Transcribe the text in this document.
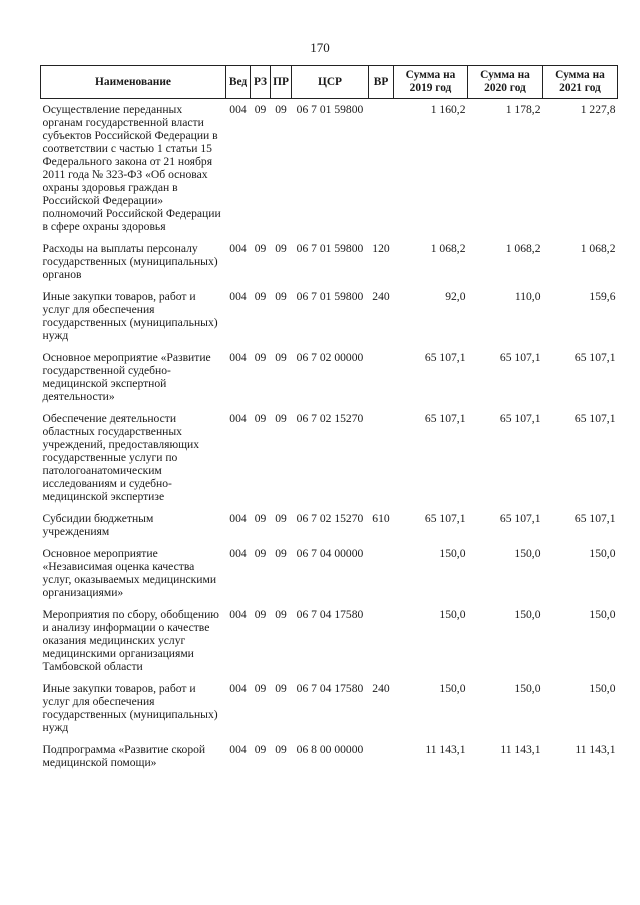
170
Наименование	Вед	РЗ	ПР	ЦСР	ВР	Сумма на 2019 год	Сумма на 2020 год	Сумма на 2021 год
Осуществление переданных органам государственной власти субъектов Российской Федерации в соответствии с частью 1 статьи 15 Федерального закона от 21 ноября 2011 года № 323-ФЗ «Об основах охраны здоровья граждан в Российской Федерации» полномочий Российской Федерации в сфере охраны здоровья	004	09	09	06 7 01 59800		1 160,2	1 178,2	1 227,8
Расходы на выплаты персоналу государственных (муниципальных) органов	004	09	09	06 7 01 59800	120	1 068,2	1 068,2	1 068,2
Иные закупки товаров, работ и услуг для обеспечения государственных (муниципальных) нужд	004	09	09	06 7 01 59800	240	92,0	110,0	159,6
Основное мероприятие «Развитие государственной судебно-медицинской экспертной деятельности»	004	09	09	06 7 02 00000		65 107,1	65 107,1	65 107,1
Обеспечение деятельности областных государственных учреждений, предоставляющих государственные услуги по патологоанатомическим исследованиям и судебно-медицинской экспертизе	004	09	09	06 7 02 15270		65 107,1	65 107,1	65 107,1
Субсидии бюджетным учреждениям	004	09	09	06 7 02 15270	610	65 107,1	65 107,1	65 107,1
Основное мероприятие «Независимая оценка качества услуг, оказываемых медицинскими организациями»	004	09	09	06 7 04 00000		150,0	150,0	150,0
Мероприятия по сбору, обобщению и анализу информации о качестве оказания медицинских услуг медицинскими организациями Тамбовской области	004	09	09	06 7 04 17580		150,0	150,0	150,0
Иные закупки товаров, работ и услуг для обеспечения государственных (муниципальных) нужд	004	09	09	06 7 04 17580	240	150,0	150,0	150,0
Подпрограмма «Развитие скорой медицинской помощи»	004	09	09	06 8 00 00000		11 143,1	11 143,1	11 143,1
